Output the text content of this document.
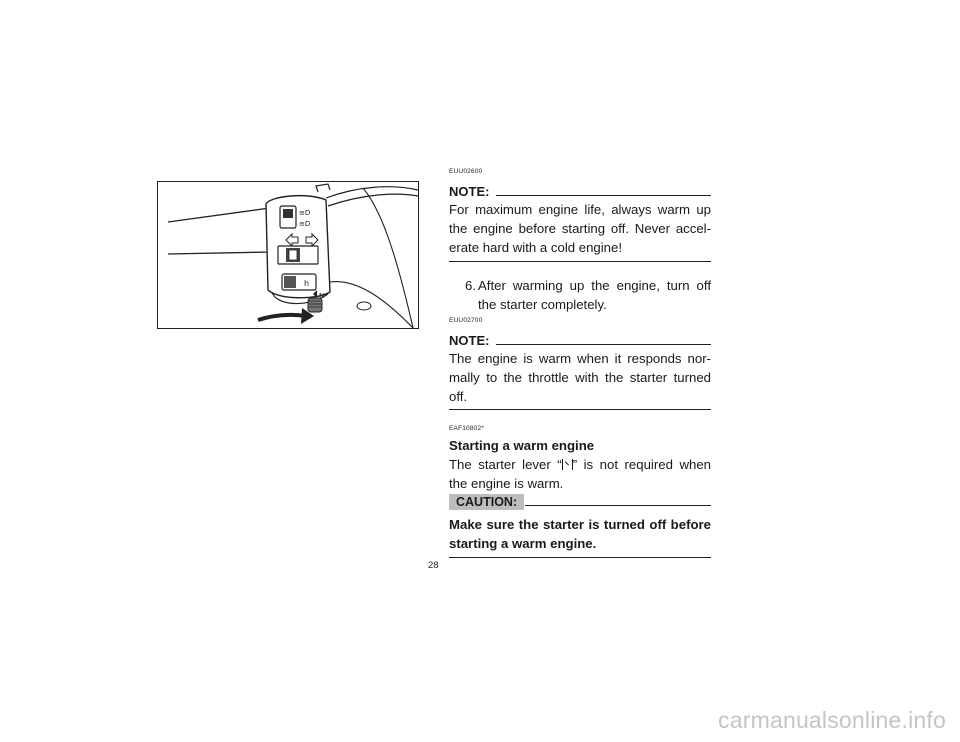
≡D
≡D
h
N
EUU02600
NOTE:
For maximum engine life, always warm up the engine before starting off. Never accel-erate hard with a cold engine!
6. After warming up the engine, turn off the starter completely.
EUU02700
NOTE:
The engine is warm when it responds nor-mally to the throttle with the starter turned off.
EAF10802*
Starting a warm engine
The starter lever “ ” is not required when the engine is warm.
CAUTION:
Make sure the starter is turned off before starting a warm engine.
28
carmanualsonline.info
